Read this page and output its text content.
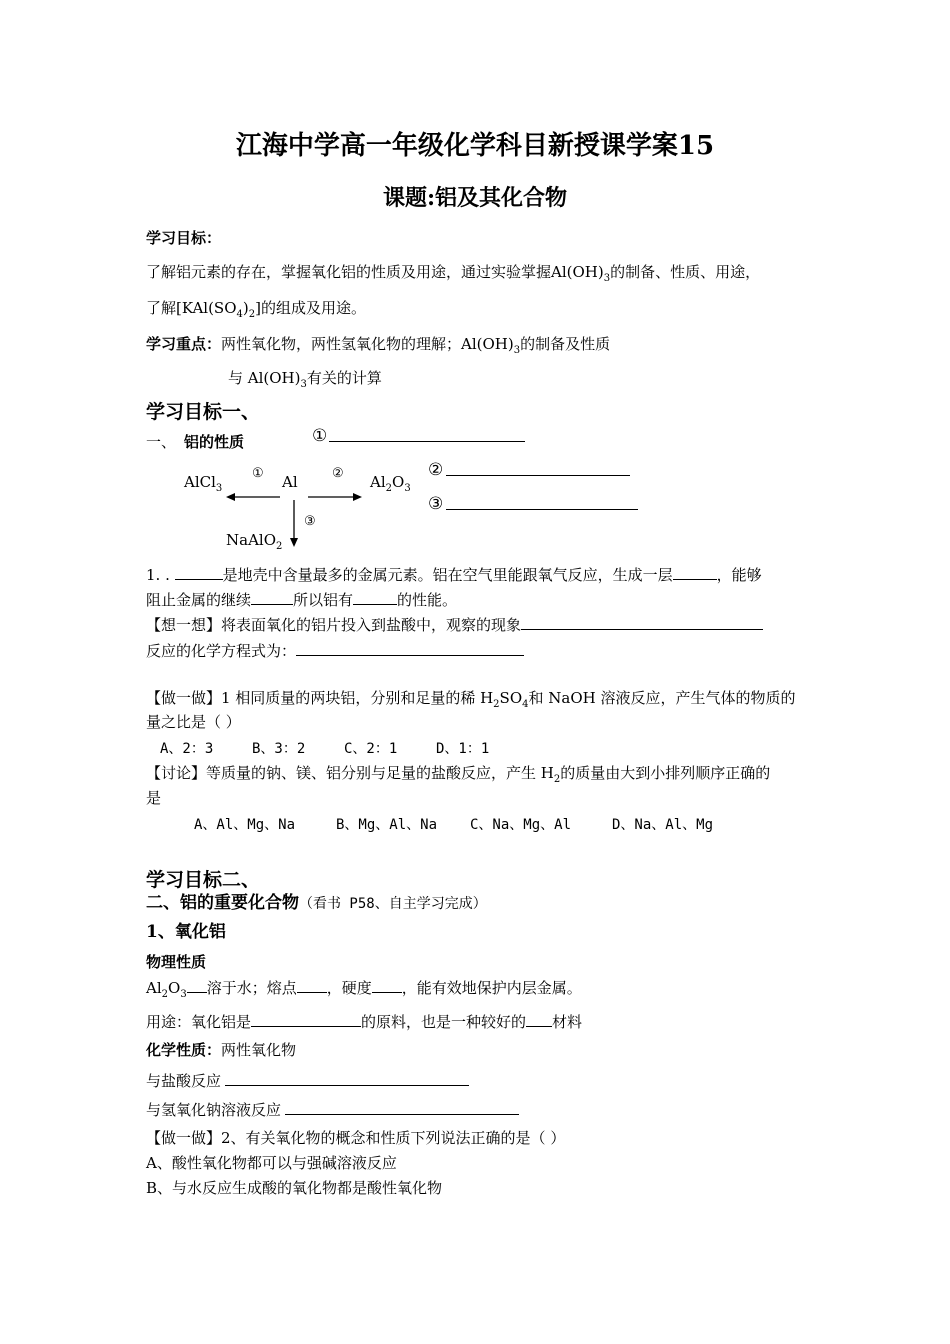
江海中学高一年级化学科目新授课学案15
课题:铝及其化合物
学习目标：
了解铝元素的存在，掌握氧化铝的性质及用途，通过实验掌握$Al(OH)_3$的制备、性质、用途，
了解$[KAl(SO_4)_2]$的组成及用途。
学习重点：两性氧化物，两性氢氧化物的理解；$Al(OH)_3$的制备及性质
与 $Al(OH)_3$有关的计算
学习目标一、
一、 铝的性质	①
②
③
AlCl$_3$	Al	$Al_2O_3$
NaAlO$_2$
①	②
③
1. .	是地壳中含量最多的金属元素。铝在空气里能跟氧气反应，生成一层	，能够
阻止金属的继续	所以铝有	的性能。
【想一想】将表面氧化的铝片投入到盐酸中，观察的现象
反应的化学方程式为：
【做一做】1 相同质量的两块铝，分别和足量的稀 $H_2SO_4$和 NaOH 溶液反应，产生气体的物质的
量之比是（ ）
A、2：3	B、3：2	C、2：1	D、1：1
【讨论】等质量的钠、镁、铝分别与足量的盐酸反应，产生 $H_2$的质量由大到小排列顺序正确的
是
A、Al、Mg、Na	B、Mg、Al、Na C、Na、Mg、Al	D、Na、Al、Mg
学习目标二、
二、铝的重要化合物（看书 P58、自主学习完成）
1、氧化铝
物理性质
$Al_2O_3$ 溶于水；熔点 ，硬度 ，能有效地保护内层金属。
用途：氧化铝是	的原料，也是一种较好的 材料
化学性质：两性氧化物
与盐酸反应
与氢氧化钠溶液反应
【做一做】2、有关氧化物的概念和性质下列说法正确的是（ ）
A、酸性氧化物都可以与强碱溶液反应
B、与水反应生成酸的氧化物都是酸性氧化物
